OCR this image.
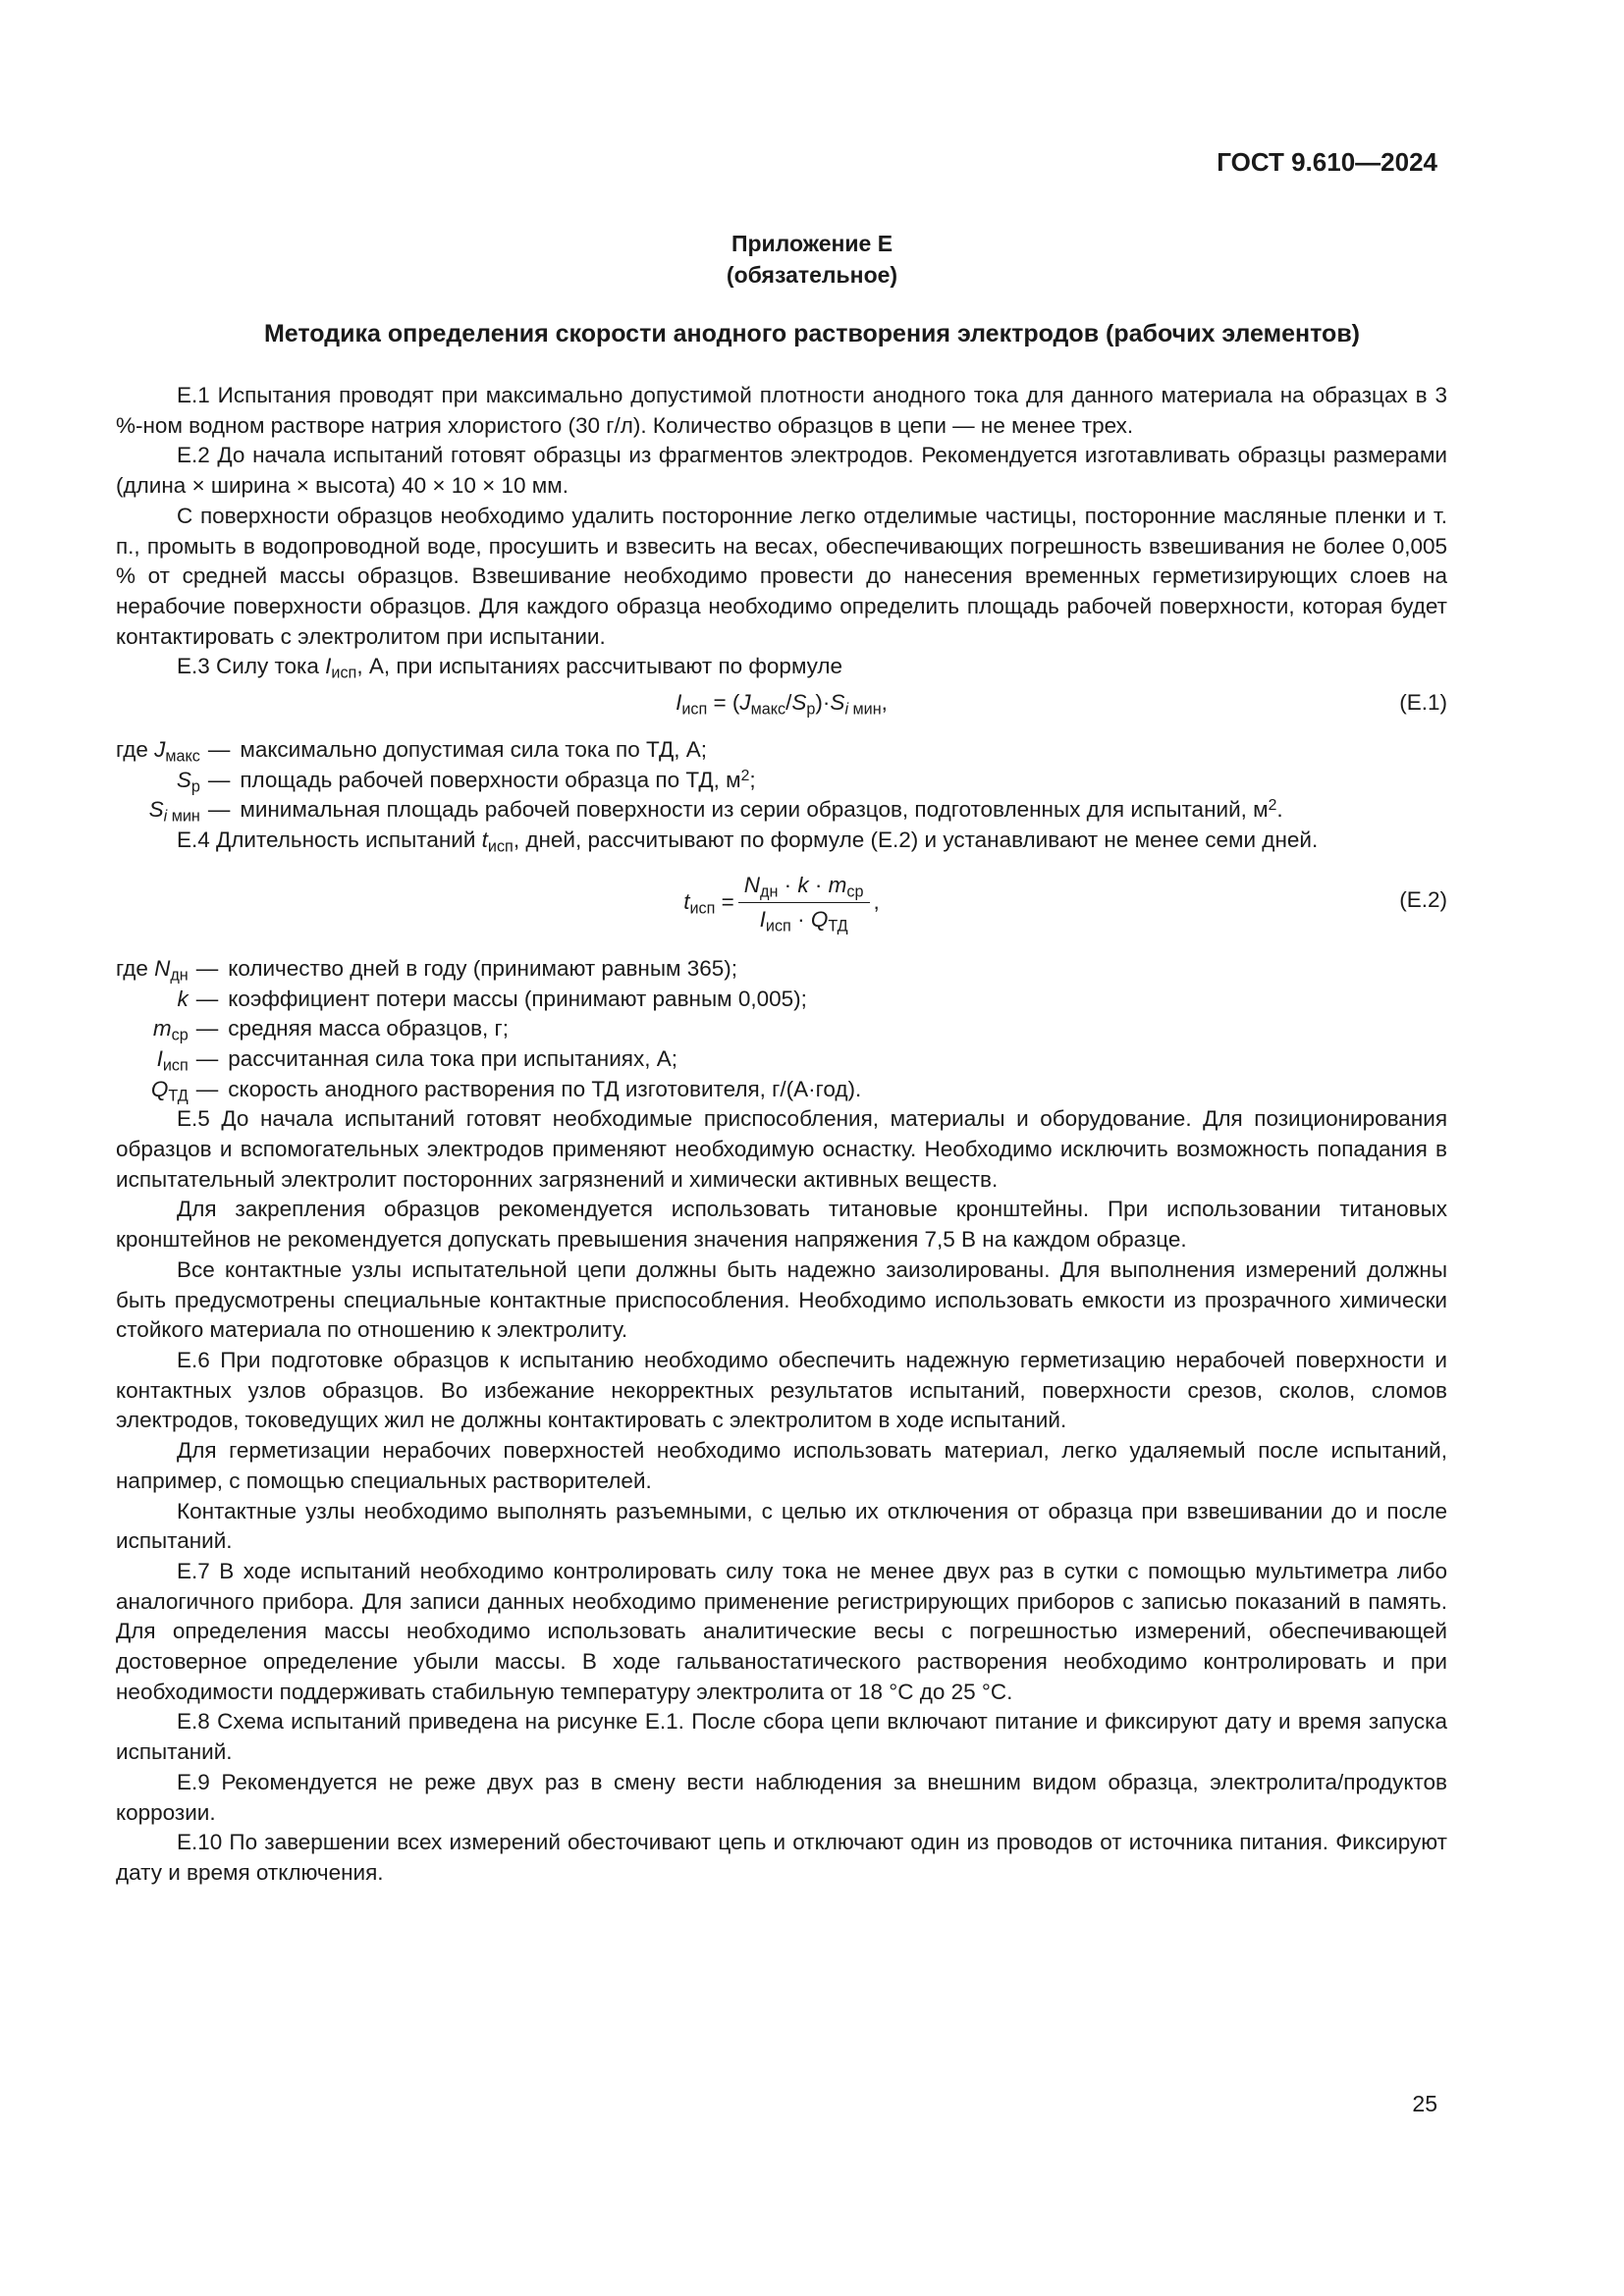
ГОСТ 9.610—2024
Приложение Е
(обязательное)
Методика определения скорости анодного растворения электродов (рабочих элементов)

Е.1 Испытания проводят при максимально допустимой плотности анодного тока для данного материала на образцах в 3 %-ном водном растворе натрия хлористого (30 г/л). Количество образцов в цепи — не менее трех.

Е.2 До начала испытаний готовят образцы из фрагментов электродов. Рекомендуется изготавливать образцы размерами (длина × ширина × высота) 40 × 10 × 10 мм.

С поверхности образцов необходимо удалить посторонние легко отделимые частицы, посторонние масляные пленки и т. п., промыть в водопроводной воде, просушить и взвесить на весах, обеспечивающих погрешность взвешивания не более 0,005 % от средней массы образцов. Взвешивание необходимо провести до нанесения временных герметизирующих слоев на нерабочие поверхности образцов. Для каждого образца необходимо определить площадь рабочей поверхности, которая будет контактировать с электролитом при испытании.

Е.3 Силу тока $I_{исп}$, А, при испытаниях рассчитывают по формуле

$I_{исп} = (J_{макс}/S_р)\cdot S_{i мин}$,	(Е.1)
где $J_{макс}$	—	максимально допустимая сила тока по ТД, А;
$S_р$	—	площадь рабочей поверхности образца по ТД, $м^2$;
$S_{i мин}$	—	минимальная площадь рабочей поверхности из серии образцов, подготовленных для испытаний, $м^2$.

Е.4 Длительность испытаний $t_{исп}$, дней, рассчитывают по формуле (Е.2) и устанавливают не менее семи дней.

$t_{исп} = \frac{N_{дн} \cdot k \cdot m_{ср}}{I_{исп} \cdot Q_{ТД}}$ ,	(Е.2)
где $N_{дн}$	—	количество дней в году (принимают равным 365);
k	—	коэффициент потери массы (принимают равным 0,005);
$m_{ср}$	—	средняя масса образцов, г;
$I_{исп}$	—	рассчитанная сила тока при испытаниях, А;
$Q_{ТД}$	—	скорость анодного растворения по ТД изготовителя, г/(А·год).

Е.5 До начала испытаний готовят необходимые приспособления, материалы и оборудование. Для позиционирования образцов и вспомогательных электродов применяют необходимую оснастку. Необходимо исключить возможность попадания в испытательный электролит посторонних загрязнений и химически активных веществ.

Для закрепления образцов рекомендуется использовать титановые кронштейны. При использовании титановых кронштейнов не рекомендуется допускать превышения значения напряжения 7,5 В на каждом образце.

Все контактные узлы испытательной цепи должны быть надежно заизолированы. Для выполнения измерений должны быть предусмотрены специальные контактные приспособления. Необходимо использовать емкости из прозрачного химически стойкого материала по отношению к электролиту.

Е.6 При подготовке образцов к испытанию необходимо обеспечить надежную герметизацию нерабочей поверхности и контактных узлов образцов. Во избежание некорректных результатов испытаний, поверхности срезов, сколов, сломов электродов, токоведущих жил не должны контактировать с электролитом в ходе испытаний.

Для герметизации нерабочих поверхностей необходимо использовать материал, легко удаляемый после испытаний, например, с помощью специальных растворителей.

Контактные узлы необходимо выполнять разъемными, с целью их отключения от образца при взвешивании до и после испытаний.

Е.7 В ходе испытаний необходимо контролировать силу тока не менее двух раз в сутки с помощью мультиметра либо аналогичного прибора. Для записи данных необходимо применение регистрирующих приборов с записью показаний в память. Для определения массы необходимо использовать аналитические весы с погрешностью измерений, обеспечивающей достоверное определение убыли массы. В ходе гальваностатического растворения необходимо контролировать и при необходимости поддерживать стабильную температуру электролита от 18 °С до 25 °С.

Е.8 Схема испытаний приведена на рисунке Е.1. После сбора цепи включают питание и фиксируют дату и время запуска испытаний.

Е.9 Рекомендуется не реже двух раз в смену вести наблюдения за внешним видом образца, электролита/продуктов коррозии.

Е.10 По завершении всех измерений обесточивают цепь и отключают один из проводов от источника питания. Фиксируют дату и время отключения.

25
